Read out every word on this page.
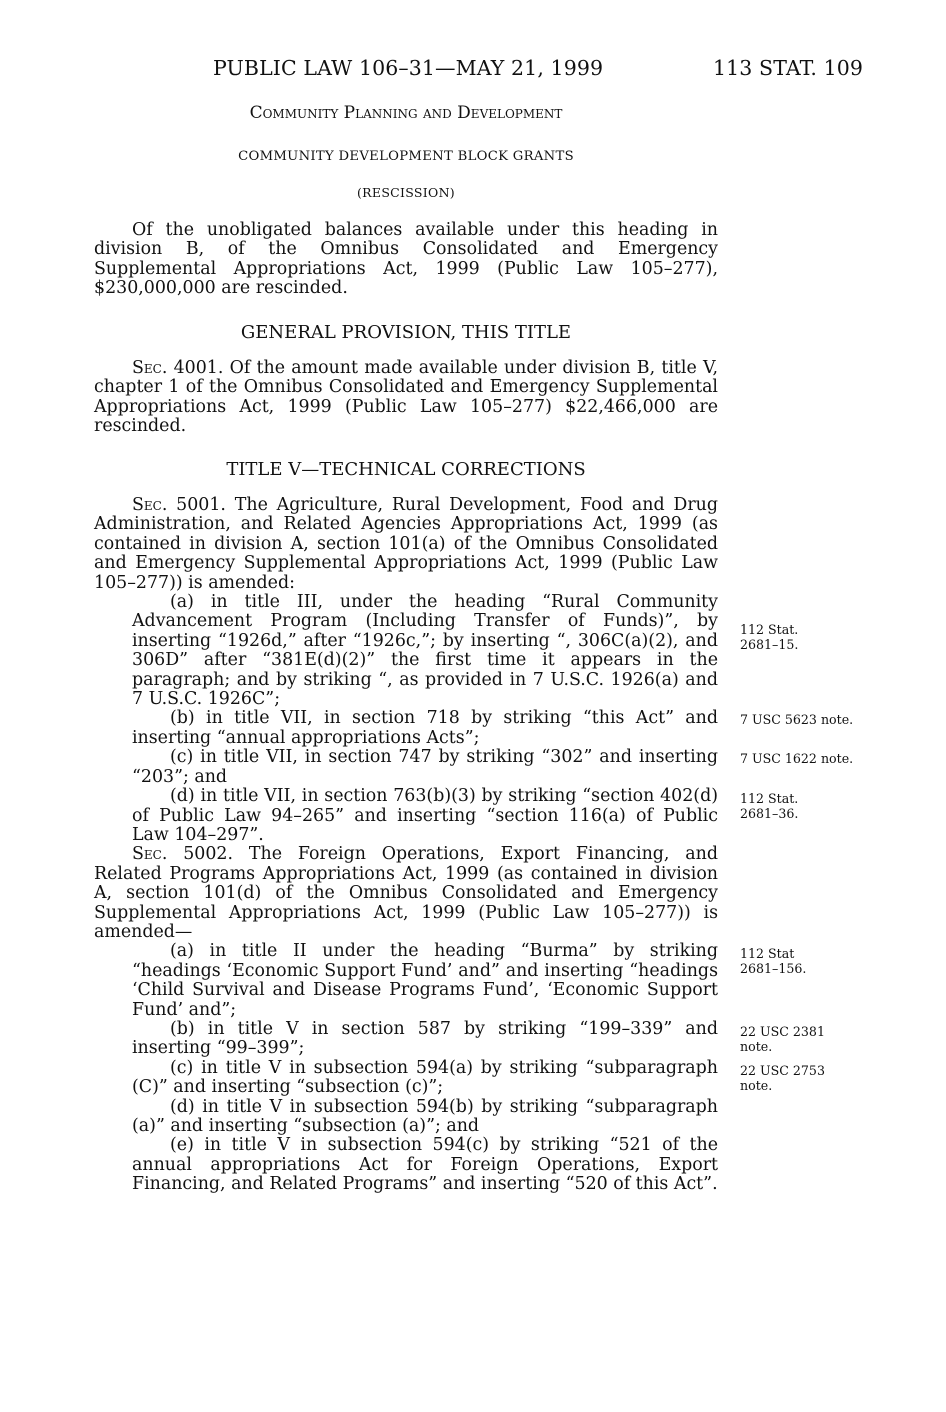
PUBLIC LAW 106–31—MAY 21, 1999	113 STAT. 109
Community Planning and Development
COMMUNITY DEVELOPMENT BLOCK GRANTS
(RESCISSION)

Of the unobligated balances available under this heading in division B, of the Omnibus Consolidated and Emergency Supplemental Appropriations Act, 1999 (Public Law 105–277), $230,000,000 are rescinded.

GENERAL PROVISION, THIS TITLE

Sec. 4001. Of the amount made available under division B, title V, chapter 1 of the Omnibus Consolidated and Emergency Supplemental Appropriations Act, 1999 (Public Law 105–277) $22,466,000 are rescinded.

TITLE V—TECHNICAL CORRECTIONS

Sec. 5001. The Agriculture, Rural Development, Food and Drug Administration, and Related Agencies Appropriations Act, 1999 (as contained in division A, section 101(a) of the Omnibus Consolidated and Emergency Supplemental Appropriations Act, 1999 (Public Law 105–277)) is amended:

(a) in title III, under the heading “Rural Community Advancement Program (Including Transfer of Funds)”, by inserting “1926d,” after “1926c,”; by inserting “, 306C(a)(2), and 306D” after “381E(d)(2)” the first time it appears in the paragraph; and by striking “, as provided in 7 U.S.C. 1926(a) and 7 U.S.C. 1926C”;

(b) in title VII, in section 718 by striking “this Act” and inserting “annual appropriations Acts”;

(c) in title VII, in section 747 by striking “302” and inserting “203”; and

(d) in title VII, in section 763(b)(3) by striking “section 402(d) of Public Law 94–265” and inserting “section 116(a) of Public Law 104–297”.

Sec. 5002. The Foreign Operations, Export Financing, and Related Programs Appropriations Act, 1999 (as contained in division A, section 101(d) of the Omnibus Consolidated and Emergency Supplemental Appropriations Act, 1999 (Public Law 105–277)) is amended—

(a) in title II under the heading “Burma” by striking “headings ‘Economic Support Fund’ and” and inserting “headings ‘Child Survival and Disease Programs Fund’, ‘Economic Support Fund’ and”;

(b) in title V in section 587 by striking “199–339” and inserting “99–399”;

(c) in title V in subsection 594(a) by striking “subparagraph (C)” and inserting “subsection (c)”;

(d) in title V in subsection 594(b) by striking “subparagraph (a)” and inserting “subsection (a)”; and

(e) in title V in subsection 594(c) by striking “521 of the annual appropriations Act for Foreign Operations, Export Financing, and Related Programs” and inserting “520 of this Act”.

112 Stat. 2681–15.
7 USC 5623 note.
7 USC 1622 note.
112 Stat. 2681–36.
112 Stat 2681–156.
22 USC 2381 note.
22 USC 2753 note.
